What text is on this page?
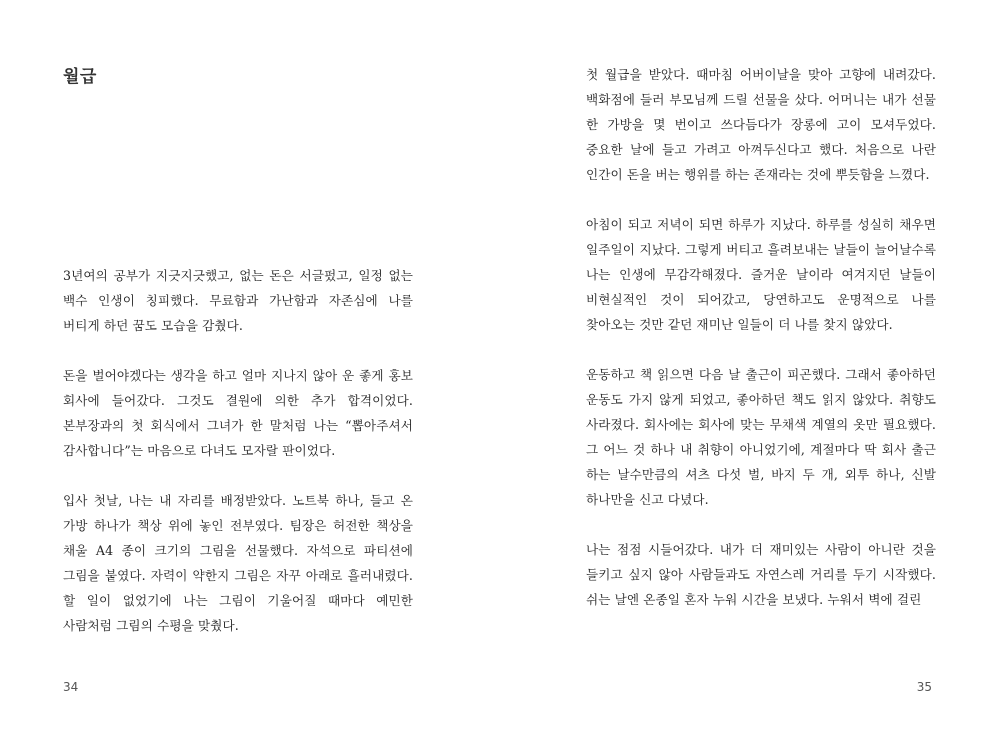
월급

3년여의 공부가 지긋지긋했고, 없는 돈은 서글펐고, 일정 없는 백수 인생이 칭피했다. 무료함과 가난함과 자존심에 나를 버티게 하던 꿈도 모습을 감췄다.

돈을 벌어야겠다는 생각을 하고 얼마 지나지 않아 운 좋게 홍보 회사에 들어갔다. 그것도 결원에 의한 추가 합격이었다. 본부장과의 첫 회식에서 그녀가 한 말처럼 나는 “뽑아주셔서 감사합니다”는 마음으로 다녀도 모자랄 판이었다.

입사 첫날, 나는 내 자리를 배정받았다. 노트북 하나, 들고 온 가방 하나가 책상 위에 놓인 전부였다. 팀장은 허전한 책상을 채울 A4 종이 크기의 그림을 선물했다. 자석으로 파티션에 그림을 붙였다. 자력이 약한지 그림은 자꾸 아래로 흘러내렸다. 할 일이 없었기에 나는 그림이 기울어질 때마다 예민한 사람처럼 그림의 수평을 맞췄다.

34

첫 월급을 받았다. 때마침 어버이날을 맞아 고향에 내려갔다. 백화점에 들러 부모님께 드릴 선물을 샀다. 어머니는 내가 선물 한 가방을 몇 번이고 쓰다듬다가 장롱에 고이 모셔두었다. 중요한 날에 들고 가려고 아껴두신다고 했다. 처음으로 나란 인간이 돈을 버는 행위를 하는 존재라는 것에 뿌듯함을 느꼈다.

아침이 되고 저녁이 되면 하루가 지났다. 하루를 성실히 채우면 일주일이 지났다. 그렇게 버티고 흘려보내는 날들이 늘어날수록 나는 인생에 무감각해졌다. 즐거운 날이라 여겨지던 날들이 비현실적인 것이 되어갔고, 당연하고도 운명적으로 나를 찾아오는 것만 같던 재미난 일들이 더 나를 찾지 않았다.

운동하고 책 읽으면 다음 날 출근이 피곤했다. 그래서 좋아하던 운동도 가지 않게 되었고, 좋아하던 책도 읽지 않았다. 취향도 사라졌다. 회사에는 회사에 맞는 무채색 계열의 옷만 필요했다. 그 어느 것 하나 내 취향이 아니었기에, 계절마다 딱 회사 출근 하는 날수만큼의 셔츠 다섯 벌, 바지 두 개, 외투 하나, 신발 하나만을 신고 다녔다.

나는 점점 시들어갔다. 내가 더 재미있는 사람이 아니란 것을 들키고 싶지 않아 사람들과도 자연스레 거리를 두기 시작했다. 쉬는 날엔 온종일 혼자 누워 시간을 보냈다. 누워서 벽에 걸린

35
